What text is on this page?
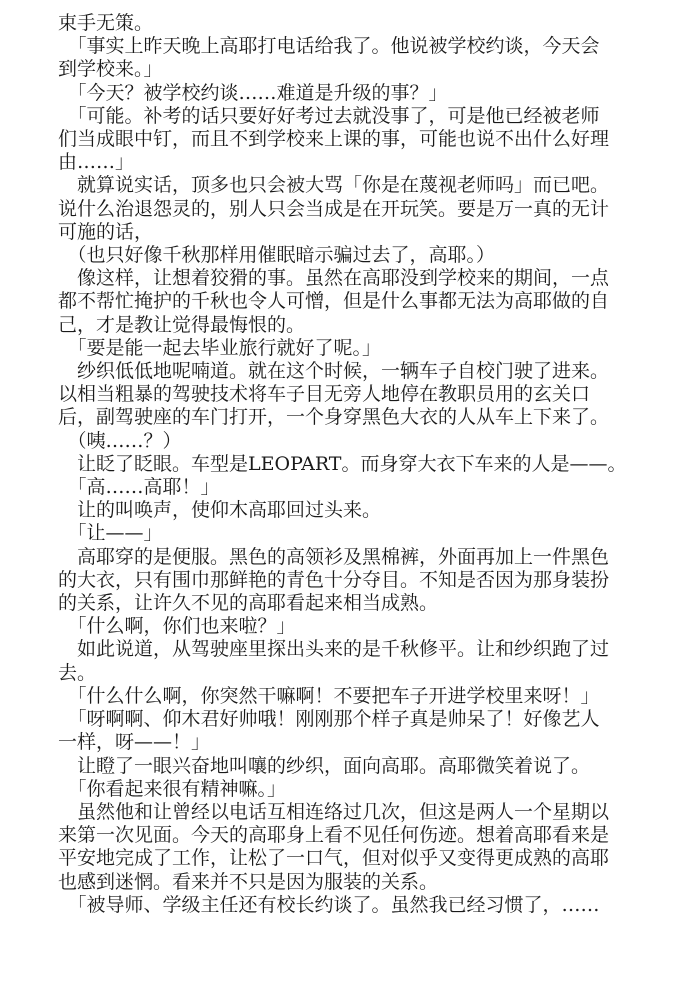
束手无策。
　「事实上昨天晚上高耶打电话给我了。他说被学校约谈，今天会
到学校来。」
　「今天？被学校约谈……难道是升级的事？」
　「可能。补考的话只要好好考过去就没事了，可是他已经被老师
们当成眼中钉，而且不到学校来上课的事，可能也说不出什么好理
由……」
　就算说实话，顶多也只会被大骂「你是在蔑视老师吗」而已吧。
说什么治退怨灵的，别人只会当成是在开玩笑。要是万一真的无计
可施的话，
　（也只好像千秋那样用催眠暗示骗过去了，高耶。）
　像这样，让想着狡猾的事。虽然在高耶没到学校来的期间，一点
都不帮忙掩护的千秋也令人可憎，但是什么事都无法为高耶做的自
己，才是教让觉得最悔恨的。
　「要是能一起去毕业旅行就好了呢。」
　纱织低低地呢喃道。就在这个时候，一辆车子自校门驶了进来。
以相当粗暴的驾驶技术将车子目无旁人地停在教职员用的玄关口
后，副驾驶座的车门打开，一个身穿黑色大衣的人从车上下来了。
　（咦……？）
　让眨了眨眼。车型是LEOPART。而身穿大衣下车来的人是——。
　「高……高耶！」
　让的叫唤声，使仰木高耶回过头来。
　「让——」
　高耶穿的是便服。黑色的高领衫及黑棉裤，外面再加上一件黑色
的大衣，只有围巾那鲜艳的青色十分夺目。不知是否因为那身装扮
的关系，让许久不见的高耶看起来相当成熟。
　「什么啊，你们也来啦？」
　如此说道，从驾驶座里探出头来的是千秋修平。让和纱织跑了过
去。
　「什么什么啊，你突然干嘛啊！不要把车子开进学校里来呀！」
　「呀啊啊、仰木君好帅哦！刚刚那个样子真是帅呆了！好像艺人
一样，呀——！」
　让瞪了一眼兴奋地叫嚷的纱织，面向高耶。高耶微笑着说了。
　「你看起来很有精神嘛。」
　虽然他和让曾经以电话互相连络过几次，但这是两人一个星期以
来第一次见面。今天的高耶身上看不见任何伤迹。想着高耶看来是
平安地完成了工作，让松了一口气，但对似乎又变得更成熟的高耶
也感到迷惘。看来并不只是因为服装的关系。
　「被导师、学级主任还有校长约谈了。虽然我已经习惯了，……
